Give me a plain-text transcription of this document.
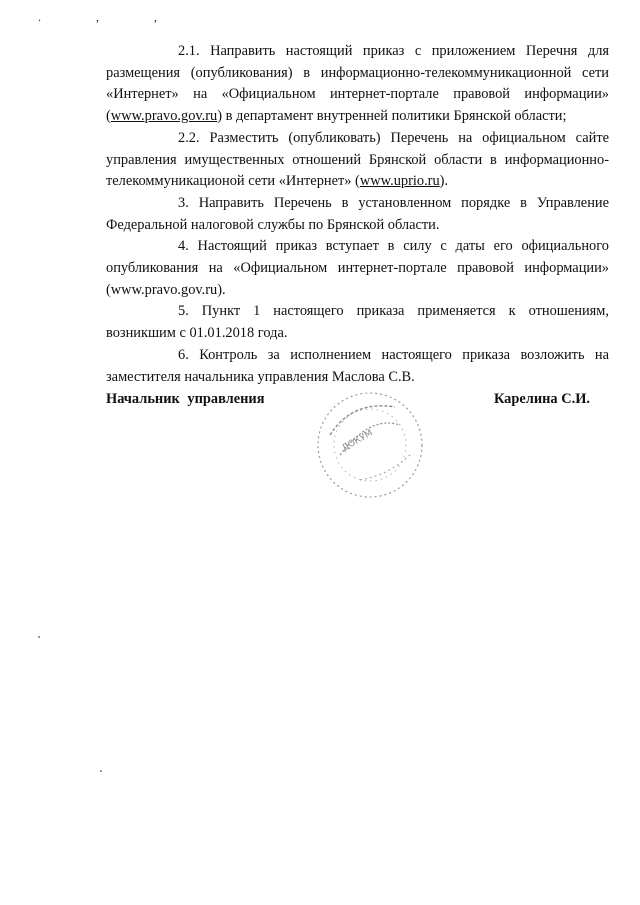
. , ,

2.1. Направить настоящий приказ с приложением Перечня для размещения (опубликования) в информационно-телекоммуникационной сети «Интернет» на «Официальном интернет-портале правовой информации» (www.pravo.gov.ru) в департамент внутренней политики Брянской области;

2.2. Разместить (опубликовать) Перечень на официальном сайте управления имущественных отношений Брянской области в информационно-телекоммуникационой сети «Интернет» (www.uprio.ru).

3. Направить Перечень в установленном порядке в Управление Федеральной налоговой службы по Брянской области.

4. Настоящий приказ вступает в силу с даты его официального опубликования на «Официальном интернет-портале правовой информации» (www.pravo.gov.ru).

5. Пункт 1 настоящего приказа применяется к отношениям, возникшим с 01.01.2018 года.

6. Контроль за исполнением настоящего приказа возложить на заместителя начальника управления Маслова С.В.

Начальник управления	Карелина С.И.
ДОКУМ
